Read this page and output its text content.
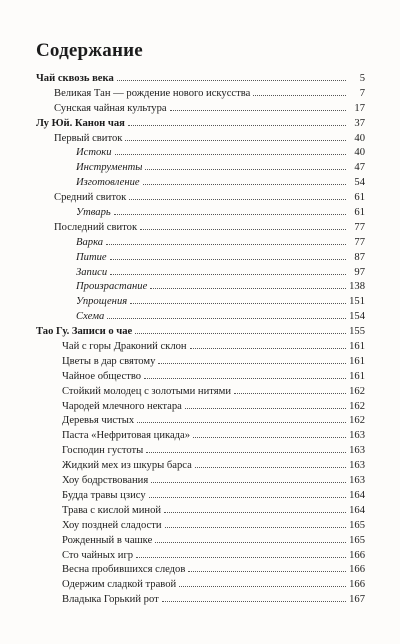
Содержание
Чай сквозь века	5
Великая Тан — рождение нового искусства	7
Сунская чайная культура	17
Лу Юй. Канон чая	37
Первый свиток	40
Истоки	40
Инструменты	47
Изготовление	54
Средний свиток	61
Утварь	61
Последний свиток	77
Варка	77
Питие	87
Записи	97
Произрастание	138
Упрощения	151
Схема	154
Тао Гу. Записи о чае	155
Чай с горы Драконий склон	161
Цветы в дар святому	161
Чайное общество	161
Стойкий молодец с золотыми нитями	162
Чародей млечного нектара	162
Деревья чистых	162
Паста «Нефритовая цикада»	163
Господин густоты	163
Жидкий мех из шкуры барса	163
Хоу бодрствования	163
Будда травы цзису	164
Трава с кислой миной	164
Хоу поздней сладости	165
Рожденный в чашке	165
Сто чайных игр	166
Весна пробившихся следов	166
Одержим сладкой травой	166
Владыка Горький рот	167
